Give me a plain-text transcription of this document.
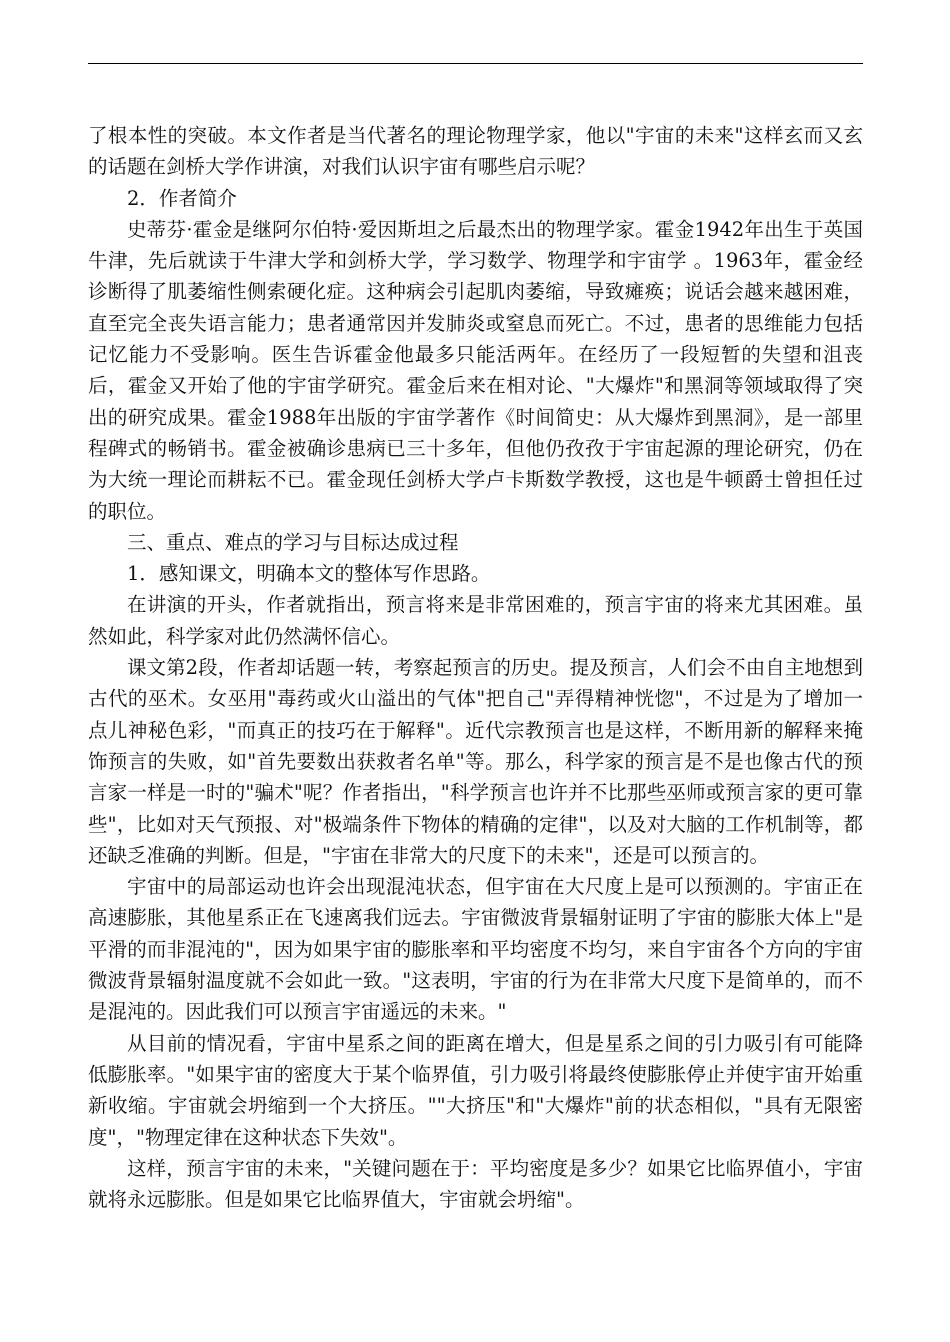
了根本性的突破。本文作者是当代著名的理论物理学家，他以"宇宙的未来"这样玄而又玄的话题在剑桥大学作讲演，对我们认识宇宙有哪些启示呢？

2．作者简介

史蒂芬·霍金是继阿尔伯特·爱因斯坦之后最杰出的物理学家。霍金1942年出生于英国牛津，先后就读于牛津大学和剑桥大学，学习数学、物理学和宇宙学 。1963年，霍金经诊断得了肌萎缩性侧索硬化症。这种病会引起肌肉萎缩，导致瘫痪；说话会越来越困难，直至完全丧失语言能力；患者通常因并发肺炎或窒息而死亡。不过，患者的思维能力包括记忆能力不受影响。医生告诉霍金他最多只能活两年。在经历了一段短暂的失望和沮丧后，霍金又开始了他的宇宙学研究。霍金后来在相对论、"大爆炸"和黑洞等领域取得了突出的研究成果。霍金1988年出版的宇宙学著作《时间简史：从大爆炸到黑洞》，是一部里程碑式的畅销书。霍金被确诊患病已三十多年，但他仍孜孜于宇宙起源的理论研究，仍在为大统一理论而耕耘不已。霍金现任剑桥大学卢卡斯数学教授，这也是牛顿爵士曾担任过的职位。

三、重点、难点的学习与目标达成过程

1．感知课文，明确本文的整体写作思路。

在讲演的开头，作者就指出，预言将来是非常困难的，预言宇宙的将来尤其困难。虽然如此，科学家对此仍然满怀信心。

课文第2段，作者却话题一转，考察起预言的历史。提及预言，人们会不由自主地想到古代的巫术。女巫用"毒药或火山溢出的气体"把自己"弄得精神恍惚"，不过是为了增加一点儿神秘色彩，"而真正的技巧在于解释"。近代宗教预言也是这样，不断用新的解释来掩饰预言的失败，如"首先要数出获救者名单"等。那么，科学家的预言是不是也像古代的预言家一样是一时的"骗术"呢？作者指出，"科学预言也许并不比那些巫师或预言家的更可靠些"，比如对天气预报、对"极端条件下物体的精确的定律"，以及对大脑的工作机制等，都还缺乏准确的判断。但是，"宇宙在非常大的尺度下的未来"，还是可以预言的。

宇宙中的局部运动也许会出现混沌状态，但宇宙在大尺度上是可以预测的。宇宙正在高速膨胀，其他星系正在飞速离我们远去。宇宙微波背景辐射证明了宇宙的膨胀大体上"是平滑的而非混沌的"，因为如果宇宙的膨胀率和平均密度不均匀，来自宇宙各个方向的宇宙微波背景辐射温度就不会如此一致。"这表明，宇宙的行为在非常大尺度下是简单的，而不是混沌的。因此我们可以预言宇宙遥远的未来。"

从目前的情况看，宇宙中星系之间的距离在增大，但是星系之间的引力吸引有可能降低膨胀率。"如果宇宙的密度大于某个临界值，引力吸引将最终使膨胀停止并使宇宙开始重新收缩。宇宙就会坍缩到一个大挤压。""大挤压"和"大爆炸"前的状态相似，"具有无限密度"，"物理定律在这种状态下失效"。

这样，预言宇宙的未来，"关键问题在于：平均密度是多少？如果它比临界值小，宇宙就将永远膨胀。但是如果它比临界值大，宇宙就会坍缩"。
